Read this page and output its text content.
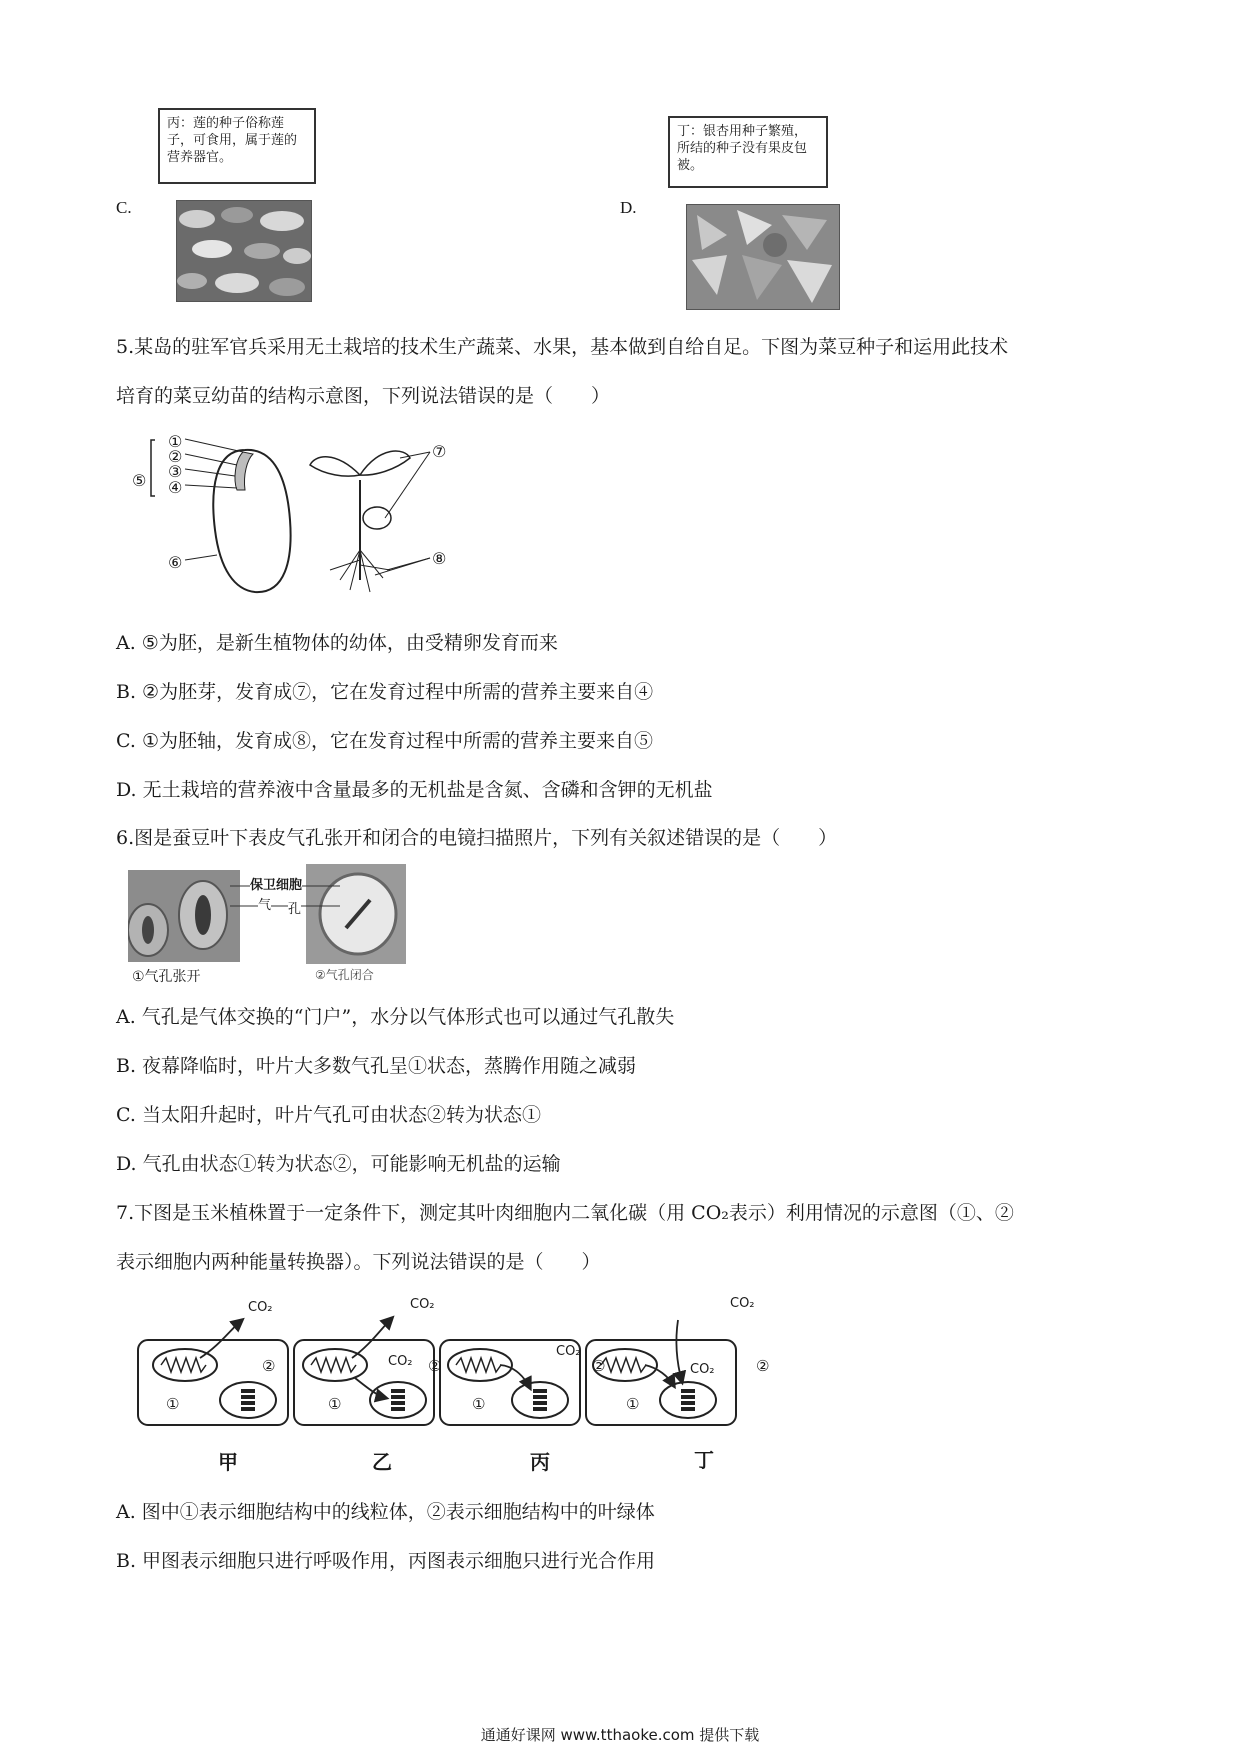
丙：莲的种子俗称莲子，可食用，属于莲的营养器官。
C.
丁：银杏用种子繁殖，所结的种子没有果皮包被。
D.
5.某岛的驻军官兵采用无土栽培的技术生产蔬菜、水果，基本做到自给自足。下图为菜豆种子和运用此技术
培育的菜豆幼苗的结构示意图，下列说法错误的是（　　）
①
②
③
④
⑤
⑥
⑦
⑧
A. ⑤为胚，是新生植物体的幼体，由受精卵发育而来
B. ②为胚芽，发育成⑦，它在发育过程中所需的营养主要来自④
C. ①为胚轴，发育成⑧，它在发育过程中所需的营养主要来自⑤
D. 无土栽培的营养液中含量最多的无机盐是含氮、含磷和含钾的无机盐
6.图是蚕豆叶下表皮气孔张开和闭合的电镜扫描照片，下列有关叙述错误的是（　　）
保卫细胞
气 孔
①气孔张开	②气孔闭合
A. 气孔是气体交换的“门户”，水分以气体形式也可以通过气孔散失
B. 夜幕降临时，叶片大多数气孔呈①状态，蒸腾作用随之减弱
C. 当太阳升起时，叶片气孔可由状态②转为状态①
D. 气孔由状态①转为状态②，可能影响无机盐的运输
7.下图是玉米植株置于一定条件下，测定其叶肉细胞内二氧化碳（用 CO₂表示）利用情况的示意图（①、②
表示细胞内两种能量转换器）。下列说法错误的是（　　）
CO₂	CO₂
CO₂
CO₂
CO₂
CO₂
①
②
①
②
①
②
①
②
甲	乙	丙	丁
A. 图中①表示细胞结构中的线粒体，②表示细胞结构中的叶绿体
B. 甲图表示细胞只进行呼吸作用，丙图表示细胞只进行光合作用
通通好课网 www.tthaoke.com 提供下载
